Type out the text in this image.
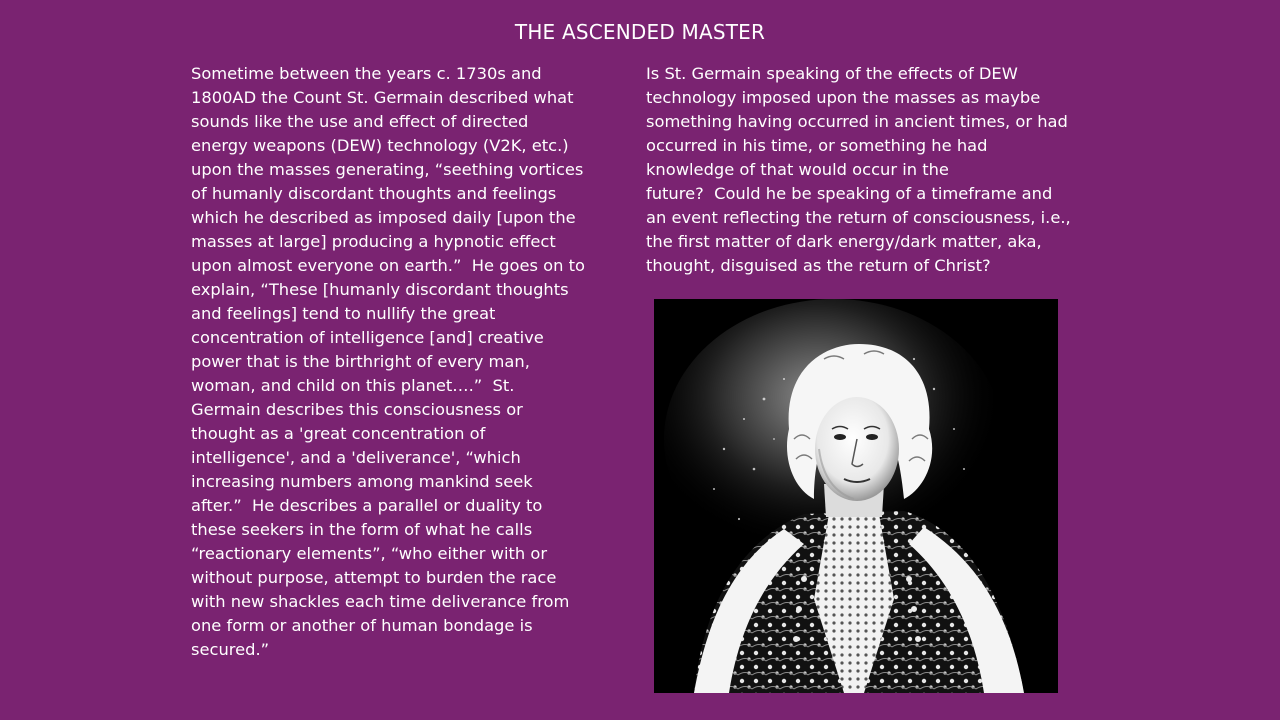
THE ASCENDED MASTER
Sometime between the years c. 1730s and
1800AD the Count St. Germain described what
sounds like the use and effect of directed
energy weapons (DEW) technology (V2K, etc.)
upon the masses generating, “seething vortices
of humanly discordant thoughts and feelings
which he described as imposed daily [upon the
masses at large] producing a hypnotic effect
upon almost everyone on earth.”  He goes on to
explain, “These [humanly discordant thoughts
and feelings] tend to nullify the great
concentration of intelligence [and] creative
power that is the birthright of every man,
woman, and child on this planet….”  St.
Germain describes this consciousness or
thought as a 'great concentration of
intelligence', and a 'deliverance', “which
increasing numbers among mankind seek
after.”  He describes a parallel or duality to
these seekers in the form of what he calls
“reactionary elements”, “who either with or
without purpose, attempt to burden the race
with new shackles each time deliverance from
one form or another of human bondage is
secured.”
Is St. Germain speaking of the effects of DEW
technology imposed upon the masses as maybe
something having occurred in ancient times, or had
occurred in his time, or something he had
knowledge of that would occur in the
future?  Could he be speaking of a timeframe and
an event reflecting the return of consciousness, i.e.,
the first matter of dark energy/dark matter, aka,
thought, disguised as the return of Christ?
